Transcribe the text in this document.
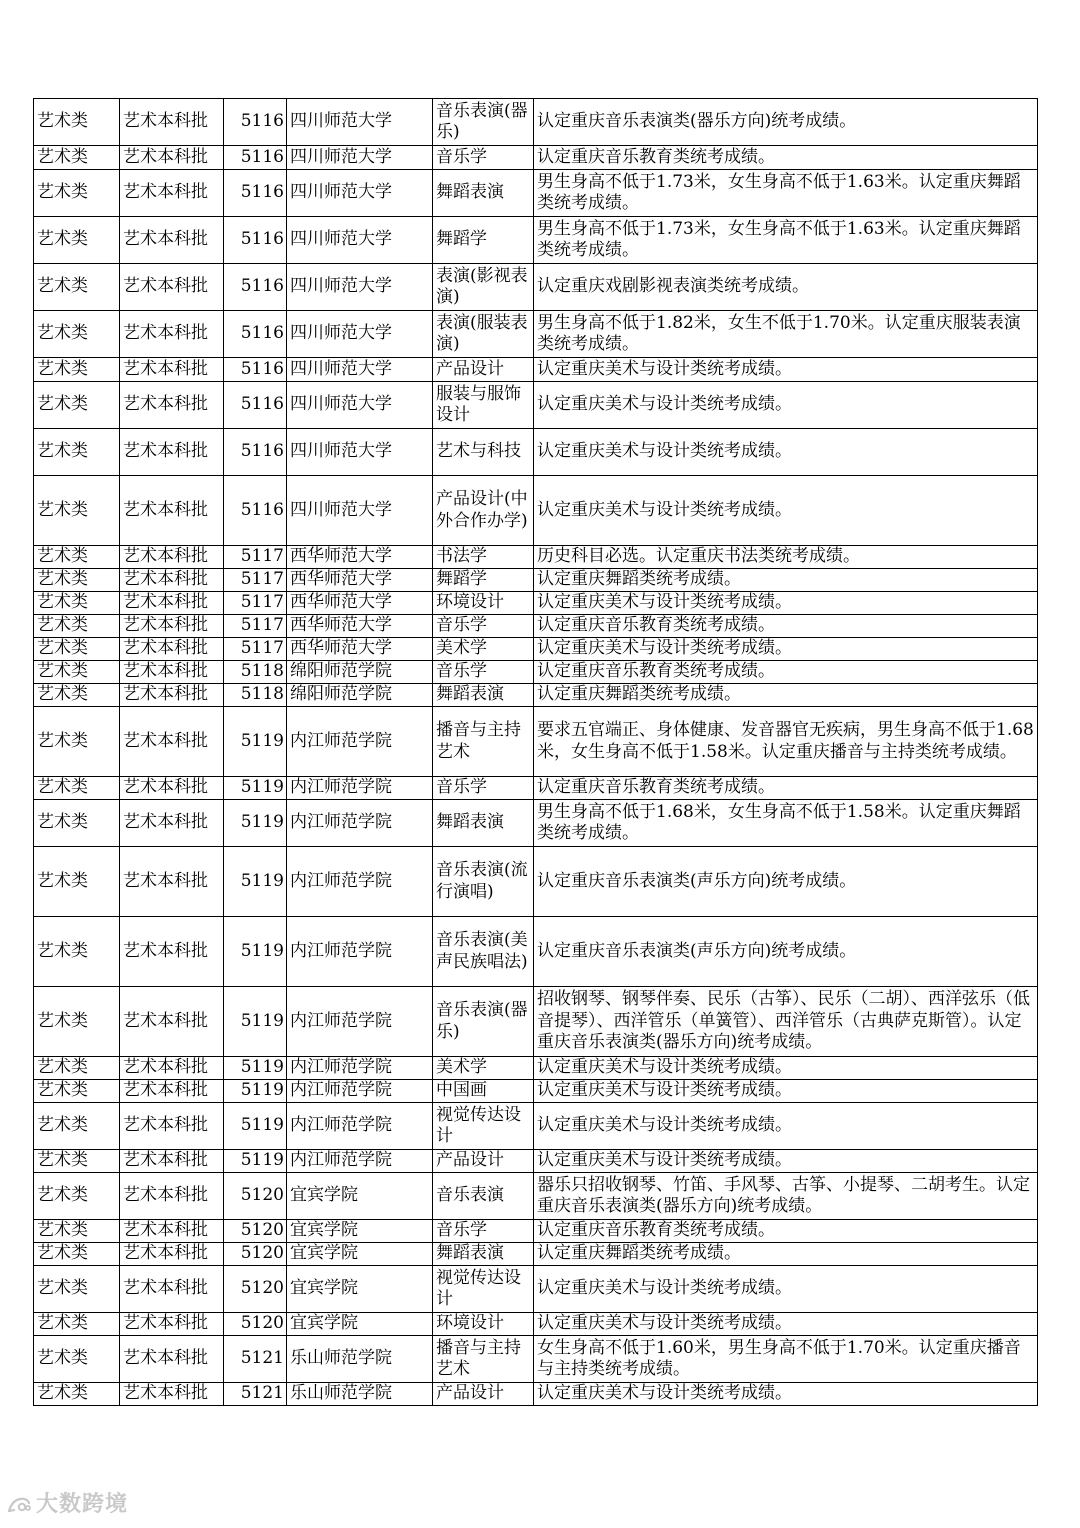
艺术类	艺术本科批	5116	四川师范大学	音乐表演(器乐)	认定重庆音乐表演类(器乐方向)统考成绩。
艺术类	艺术本科批	5116	四川师范大学	音乐学	认定重庆音乐教育类统考成绩。
艺术类	艺术本科批	5116	四川师范大学	舞蹈表演	男生身高不低于1.73米，女生身高不低于1.63米。认定重庆舞蹈类统考成绩。
艺术类	艺术本科批	5116	四川师范大学	舞蹈学	男生身高不低于1.73米，女生身高不低于1.63米。认定重庆舞蹈类统考成绩。
艺术类	艺术本科批	5116	四川师范大学	表演(影视表演)	认定重庆戏剧影视表演类统考成绩。
艺术类	艺术本科批	5116	四川师范大学	表演(服装表演)	男生身高不低于1.82米，女生不低于1.70米。认定重庆服装表演类统考成绩。
艺术类	艺术本科批	5116	四川师范大学	产品设计	认定重庆美术与设计类统考成绩。
艺术类	艺术本科批	5116	四川师范大学	服装与服饰设计	认定重庆美术与设计类统考成绩。
艺术类	艺术本科批	5116	四川师范大学	艺术与科技	认定重庆美术与设计类统考成绩。
艺术类	艺术本科批	5116	四川师范大学	产品设计(中外合作办学)	认定重庆美术与设计类统考成绩。
艺术类	艺术本科批	5117	西华师范大学	书法学	历史科目必选。认定重庆书法类统考成绩。
艺术类	艺术本科批	5117	西华师范大学	舞蹈学	认定重庆舞蹈类统考成绩。
艺术类	艺术本科批	5117	西华师范大学	环境设计	认定重庆美术与设计类统考成绩。
艺术类	艺术本科批	5117	西华师范大学	音乐学	认定重庆音乐教育类统考成绩。
艺术类	艺术本科批	5117	西华师范大学	美术学	认定重庆美术与设计类统考成绩。
艺术类	艺术本科批	5118	绵阳师范学院	音乐学	认定重庆音乐教育类统考成绩。
艺术类	艺术本科批	5118	绵阳师范学院	舞蹈表演	认定重庆舞蹈类统考成绩。
艺术类	艺术本科批	5119	内江师范学院	播音与主持艺术	要求五官端正、身体健康、发音器官无疾病，男生身高不低于1.68米，女生身高不低于1.58米。认定重庆播音与主持类统考成绩。
艺术类	艺术本科批	5119	内江师范学院	音乐学	认定重庆音乐教育类统考成绩。
艺术类	艺术本科批	5119	内江师范学院	舞蹈表演	男生身高不低于1.68米，女生身高不低于1.58米。认定重庆舞蹈类统考成绩。
艺术类	艺术本科批	5119	内江师范学院	音乐表演(流行演唱)	认定重庆音乐表演类(声乐方向)统考成绩。
艺术类	艺术本科批	5119	内江师范学院	音乐表演(美声民族唱法)	认定重庆音乐表演类(声乐方向)统考成绩。
艺术类	艺术本科批	5119	内江师范学院	音乐表演(器乐)	招收钢琴、钢琴伴奏、民乐（古筝）、民乐（二胡）、西洋弦乐（低音提琴）、西洋管乐（单簧管）、西洋管乐（古典萨克斯管）。认定重庆音乐表演类(器乐方向)统考成绩。
艺术类	艺术本科批	5119	内江师范学院	美术学	认定重庆美术与设计类统考成绩。
艺术类	艺术本科批	5119	内江师范学院	中国画	认定重庆美术与设计类统考成绩。
艺术类	艺术本科批	5119	内江师范学院	视觉传达设计	认定重庆美术与设计类统考成绩。
艺术类	艺术本科批	5119	内江师范学院	产品设计	认定重庆美术与设计类统考成绩。
艺术类	艺术本科批	5120	宜宾学院	音乐表演	器乐只招收钢琴、竹笛、手风琴、古筝、小提琴、二胡考生。认定重庆音乐表演类(器乐方向)统考成绩。
艺术类	艺术本科批	5120	宜宾学院	音乐学	认定重庆音乐教育类统考成绩。
艺术类	艺术本科批	5120	宜宾学院	舞蹈表演	认定重庆舞蹈类统考成绩。
艺术类	艺术本科批	5120	宜宾学院	视觉传达设计	认定重庆美术与设计类统考成绩。
艺术类	艺术本科批	5120	宜宾学院	环境设计	认定重庆美术与设计类统考成绩。
艺术类	艺术本科批	5121	乐山师范学院	播音与主持艺术	女生身高不低于1.60米，男生身高不低于1.70米。认定重庆播音与主持类统考成绩。
艺术类	艺术本科批	5121	乐山师范学院	产品设计	认定重庆美术与设计类统考成绩。
大数跨境
